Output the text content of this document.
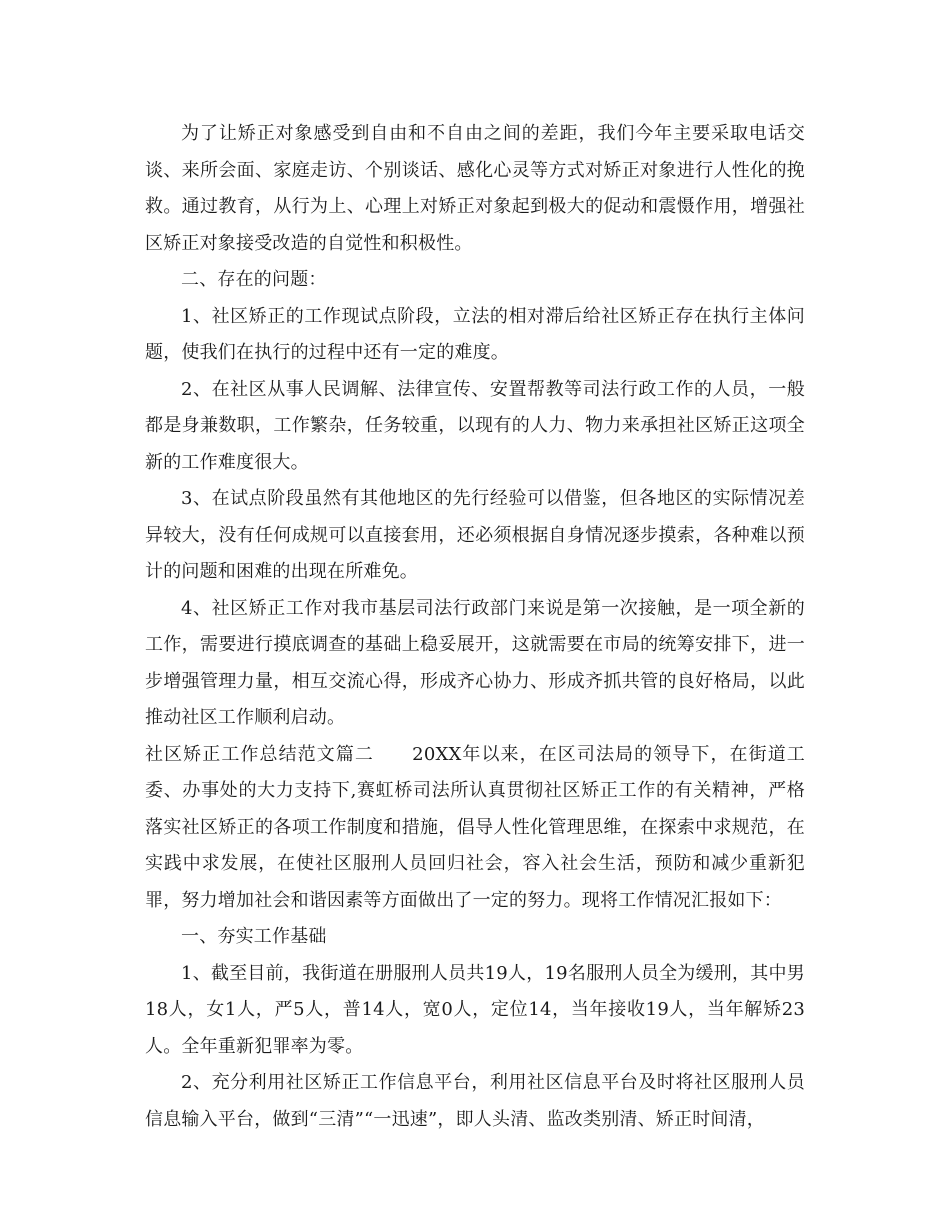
为了让矫正对象感受到自由和不自由之间的差距，我们今年主要采取电话交谈、来所会面、家庭走访、个别谈话、感化心灵等方式对矫正对象进行人性化的挽救。通过教育，从行为上、心理上对矫正对象起到极大的促动和震慑作用，增强社区矫正对象接受改造的自觉性和积极性。

二、存在的问题：

1、社区矫正的工作现试点阶段，立法的相对滞后给社区矫正存在执行主体问题，使我们在执行的过程中还有一定的难度。

2、在社区从事人民调解、法律宣传、安置帮教等司法行政工作的人员，一般都是身兼数职，工作繁杂，任务较重，以现有的人力、物力来承担社区矫正这项全新的工作难度很大。

3、在试点阶段虽然有其他地区的先行经验可以借鉴，但各地区的实际情况差异较大，没有任何成规可以直接套用，还必须根据自身情况逐步摸索，各种难以预计的问题和困难的出现在所难免。

4、社区矫正工作对我市基层司法行政部门来说是第一次接触，是一项全新的工作，需要进行摸底调查的基础上稳妥展开，这就需要在市局的统筹安排下，进一步增强管理力量，相互交流心得，形成齐心协力、形成齐抓共管的良好格局，以此推动社区工作顺利启动。

社区矫正工作总结范文篇二　　20XX年以来，在区司法局的领导下，在街道工委、办事处的大力支持下,赛虹桥司法所认真贯彻社区矫正工作的有关精神，严格落实社区矫正的各项工作制度和措施，倡导人性化管理思维，在探索中求规范，在实践中求发展，在使社区服刑人员回归社会，容入社会生活，预防和减少重新犯罪，努力增加社会和谐因素等方面做出了一定的努力。现将工作情况汇报如下：

一、夯实工作基础

1、截至目前，我街道在册服刑人员共19人，19名服刑人员全为缓刑，其中男18人，女1人，严5人，普14人，宽0人，定位14，当年接收19人，当年解矫23人。全年重新犯罪率为零。

2、充分利用社区矫正工作信息平台，利用社区信息平台及时将社区服刑人员信息输入平台，做到“三清”“一迅速”，即人头清、监改类别清、矫正时间清，
